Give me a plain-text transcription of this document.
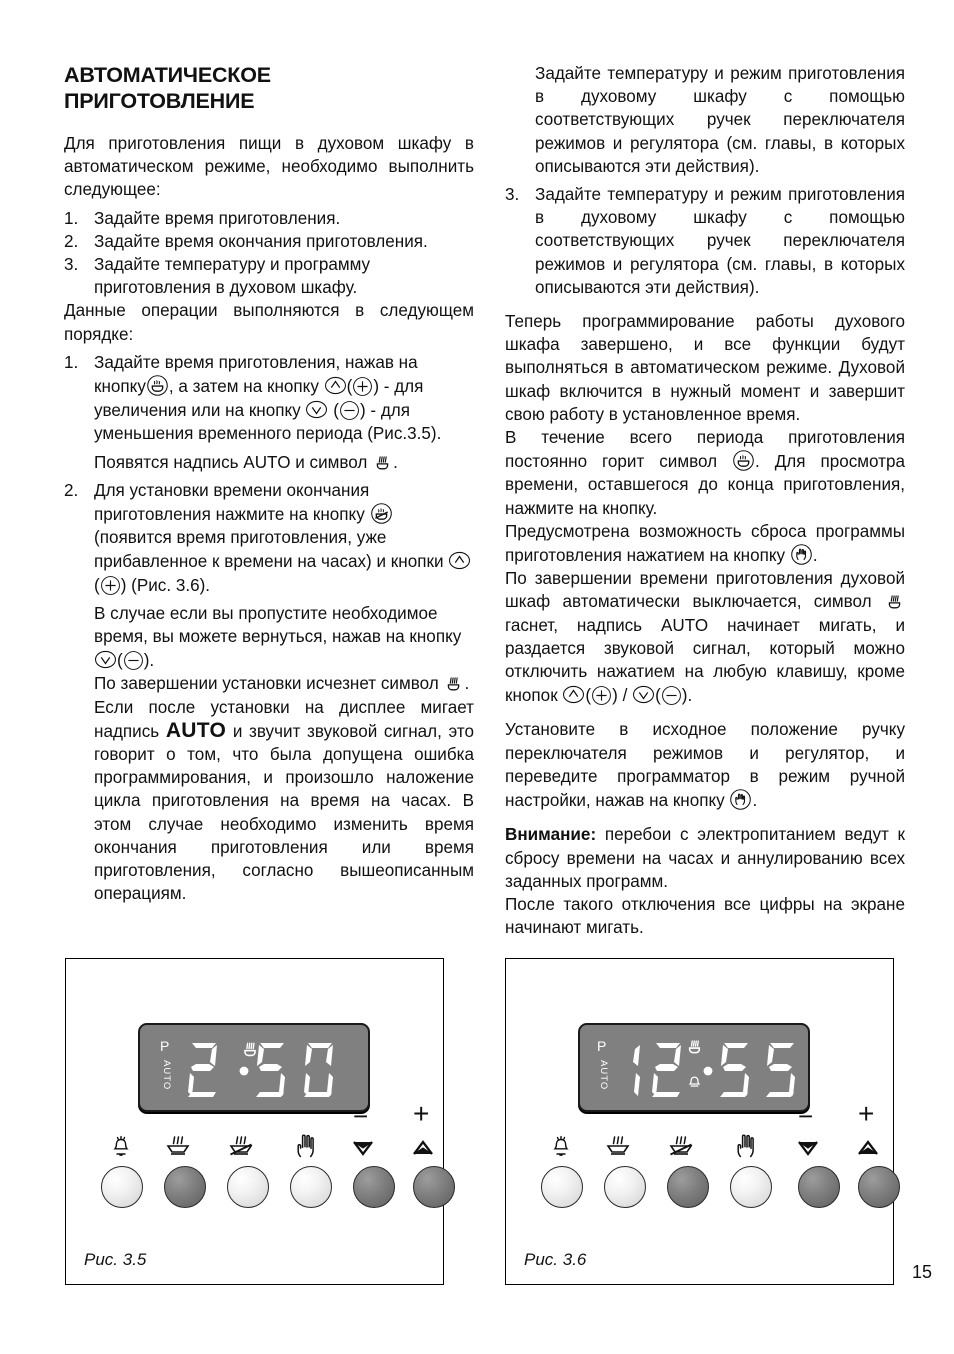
АВТОМАТИЧЕСКОЕ
ПРИГОТОВЛЕНИЕ

Для приготовления пищи в духовом шкафу в автоматическом режиме, необходимо выполнить следующее:

1. Задайте время приготовления.
2. Задайте время окончания приготовления.
3. Задайте температуру и программу приготовления в духовом шкафу.

Данные операции выполняются в следующем порядке:

1. Задайте время приготовления, нажав на кнопку , а затем на кнопку ( ) - для увеличения или на кнопку
( ) - для уменьшения временного периода (Рис.3.5).
Появятся надпись AUTO и символ .
2. Для установки времени окончания приготовления нажмите на кнопку
(появится время приготовления, уже прибавленное к времени на часах) и кнопки
( ) (Рис. 3.6).
В случае если вы пропустите необходимое время, вы можете вернуться, нажав на кнопку
( ).
По завершении установки исчезнет символ .
Если после установки на дисплее мигает надпись AUTO и звучит звуковой сигнал, это говорит о том, что была допущена ошибка программирования, и произошло наложение цикла приготовления на время на часах. В этом случае необходимо изменить время окончания приготовления или время приготовления, согласно вышеописанным операциям.
Задайте температуру и режим приготовления в духовому шкафу с помощью соответствующих ручек переключателя режимов и регулятора (см. главы, в которых описываются эти действия).
3. Задайте температуру и режим приготовления в духовому шкафу с помощью соответствующих ручек переключателя режимов и регулятора (см. главы, в которых описываются эти действия).

Теперь программирование работы духового шкафа завершено, и все функции будут выполняться в автоматическом режиме. Духовой шкаф включится в нужный момент и завершит свою работу в установленное время.

В течение всего периода приготовления постоянно горит символ . Для просмотра времени, оставшегося до конца приготовления, нажмите на кнопку.
Предусмотрена возможность сброса программы приготовления нажатием на кнопку .
По завершении времени приготовления духовой шкаф автоматически выключается, символ
гаснет, надпись AUTO начинает мигать, и раздается звуковой сигнал, который можно отключить нажатием на любую клавишу, кроме кнопок ( ) / ( ).
Установите в исходное положение ручку переключателя режимов и регулятор, и переведите программатор в режим ручной настройки, нажав на кнопку .
Внимание: перебои с электропитанием ведут к сбросу времени на часах и аннулированию всех заданных программ.
После такого отключения все цифры на экране начинают мигать.
P
AUTO
− +
Рис. 3.5
P
AUTO
− +
Рис. 3.6
15
